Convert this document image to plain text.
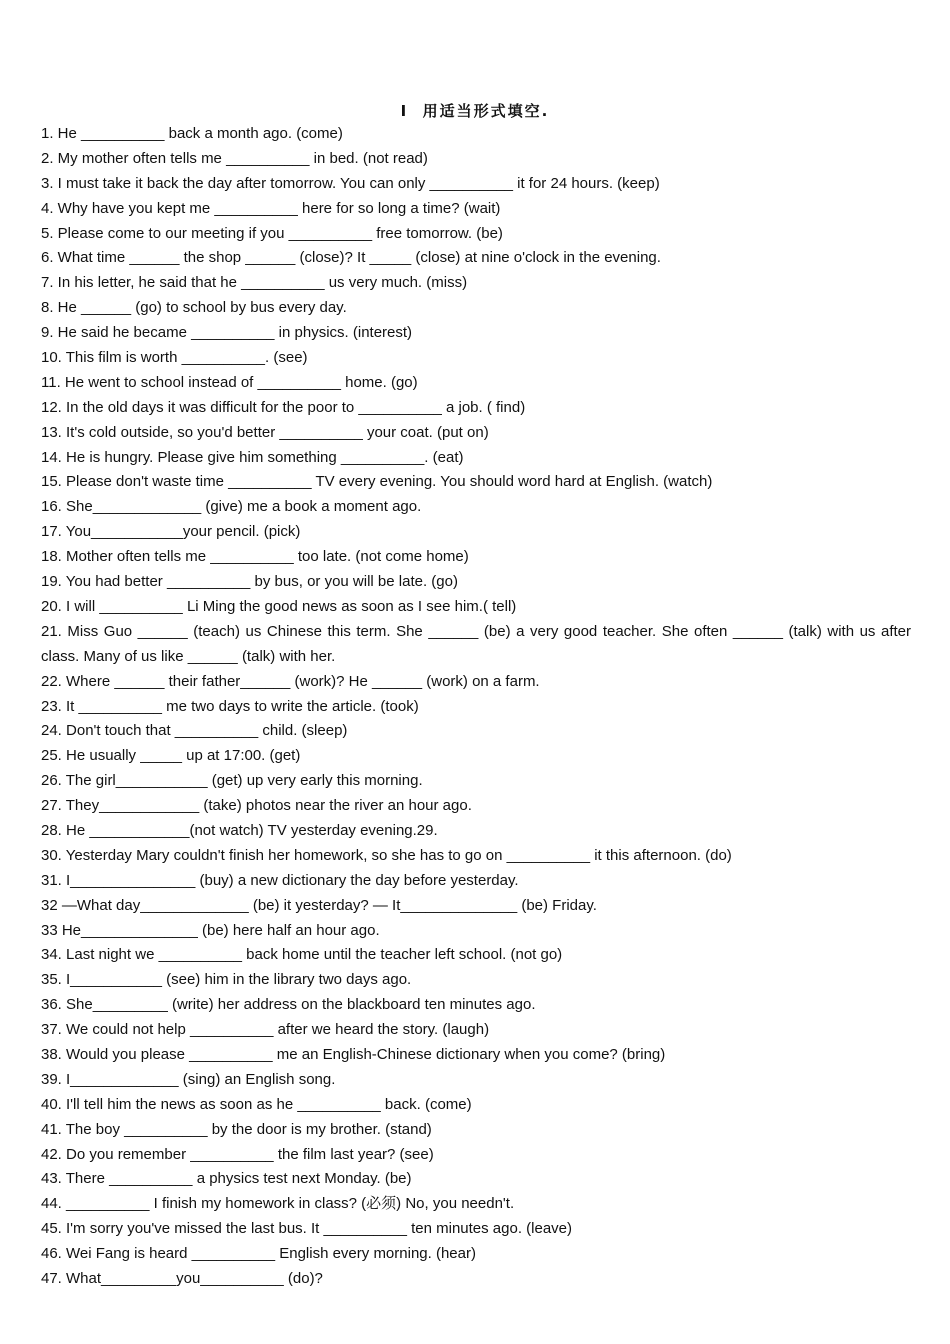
I  用适当形式填空.
1. He __________ back a month ago. (come)
2. My mother often tells me __________ in bed. (not read)
3. I must take it back the day after tomorrow. You can only __________ it for 24 hours. (keep)
4. Why have you kept me __________ here for so long a time? (wait)
5. Please come to our meeting if you __________ free tomorrow. (be)
6. What time ______ the shop ______ (close)? It _____ (close) at nine o'clock in the evening.
7. In his letter, he said that he __________ us very much. (miss)
8. He ______ (go) to school by bus every day.
9. He said he became __________ in physics. (interest)
10. This film is worth __________. (see)
11. He went to school instead of __________ home. (go)
12. In the old days it was difficult for the poor to __________ a job. ( find)
13. It's cold outside, so you'd better __________ your coat. (put on)
14. He is hungry. Please give him something __________. (eat)
15. Please don't waste time __________ TV every evening. You should word hard at English. (watch)
16. She_____________ (give) me a book a moment ago.
17. You___________your pencil. (pick)
18. Mother often tells me __________ too late. (not come home)
19. You had better __________ by bus, or you will be late. (go)
20. I will __________ Li Ming the good news as soon as I see him.( tell)
21. Miss Guo ______ (teach) us Chinese this term. She ______ (be) a very good teacher. She often ______ (talk) with us after class. Many of us like ______ (talk) with her.
22. Where ______ their father______ (work)? He ______ (work) on a farm.
23. It __________ me two days to write the article. (took)
24. Don't touch that __________ child. (sleep)
25. He usually _____ up at 17:00. (get)
26. The girl___________ (get) up very early this morning.
27. They____________ (take) photos near the river an hour ago.
28. He ____________(not watch) TV yesterday evening.29.
30. Yesterday Mary couldn't finish her homework, so she has to go on __________ it this afternoon. (do)
31. I_______________ (buy) a new dictionary the day before yesterday.
32 —What day_____________ (be) it yesterday? — It______________ (be) Friday.
33 He______________ (be) here half an hour ago.
34. Last night we __________ back home until the teacher left school. (not go)
35. I___________ (see) him in the library two days ago.
36. She_________ (write) her address on the blackboard ten minutes ago.
37. We could not help __________ after we heard the story. (laugh)
38. Would you please __________ me an English-Chinese dictionary when you come? (bring)
39. I_____________ (sing) an English song.
40. I'll tell him the news as soon as he __________ back. (come)
41. The boy __________ by the door is my brother. (stand)
42. Do you remember __________ the film last year? (see)
43. There __________ a physics test next Monday. (be)
44. __________ I finish my homework in class? (必须) No, you needn't.
45. I'm sorry you've missed the last bus. It __________ ten minutes ago. (leave)
46. Wei Fang is heard __________ English every morning. (hear)
47. What_________you__________ (do)?
